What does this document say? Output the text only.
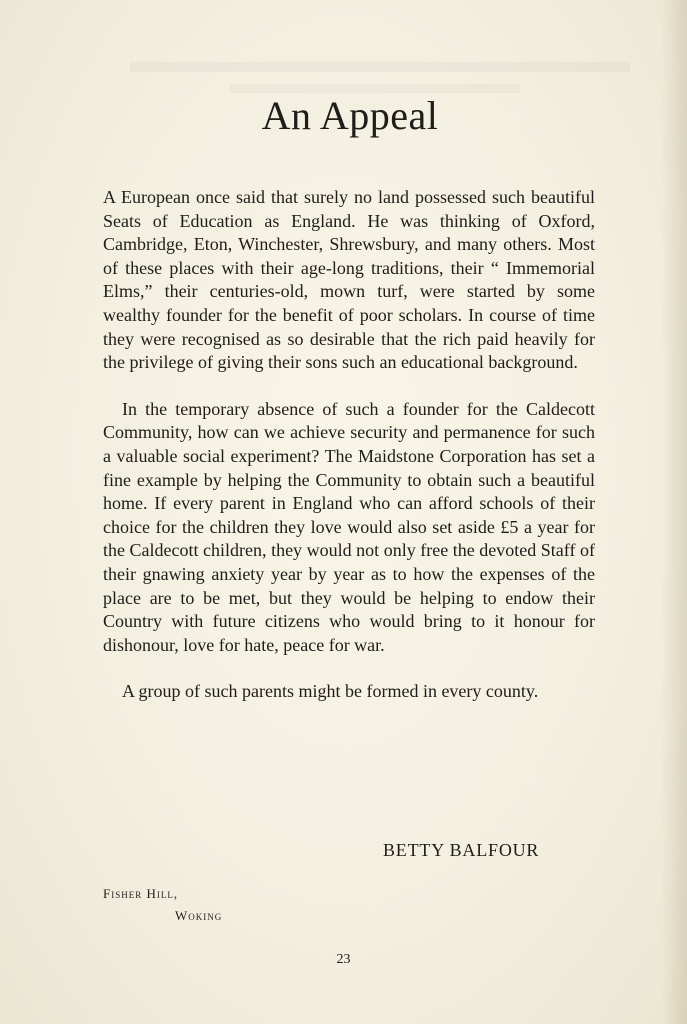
An Appeal

A European once said that surely no land possessed such beautiful Seats of Education as England. He was thinking of Oxford, Cambridge, Eton, Winchester, Shrewsbury, and many others. Most of these places with their age-long traditions, their “ Immemorial Elms,” their centuries-old, mown turf, were started by some wealthy founder for the benefit of poor scholars. In course of time they were recognised as so desirable that the rich paid heavily for the privilege of giving their sons such an educational background.

In the temporary absence of such a founder for the Caldecott Community, how can we achieve security and permanence for such a valuable social experiment? The Maidstone Corporation has set a fine example by helping the Community to obtain such a beautiful home. If every parent in England who can afford schools of their choice for the children they love would also set aside £5 a year for the Caldecott children, they would not only free the devoted Staff of their gnawing anxiety year by year as to how the expenses of the place are to be met, but they would be helping to endow their Country with future citizens who would bring to it honour for dishonour, love for hate, peace for war.

A group of such parents might be formed in every county.

BETTY BALFOUR
Fisher Hill,
Woking
23
